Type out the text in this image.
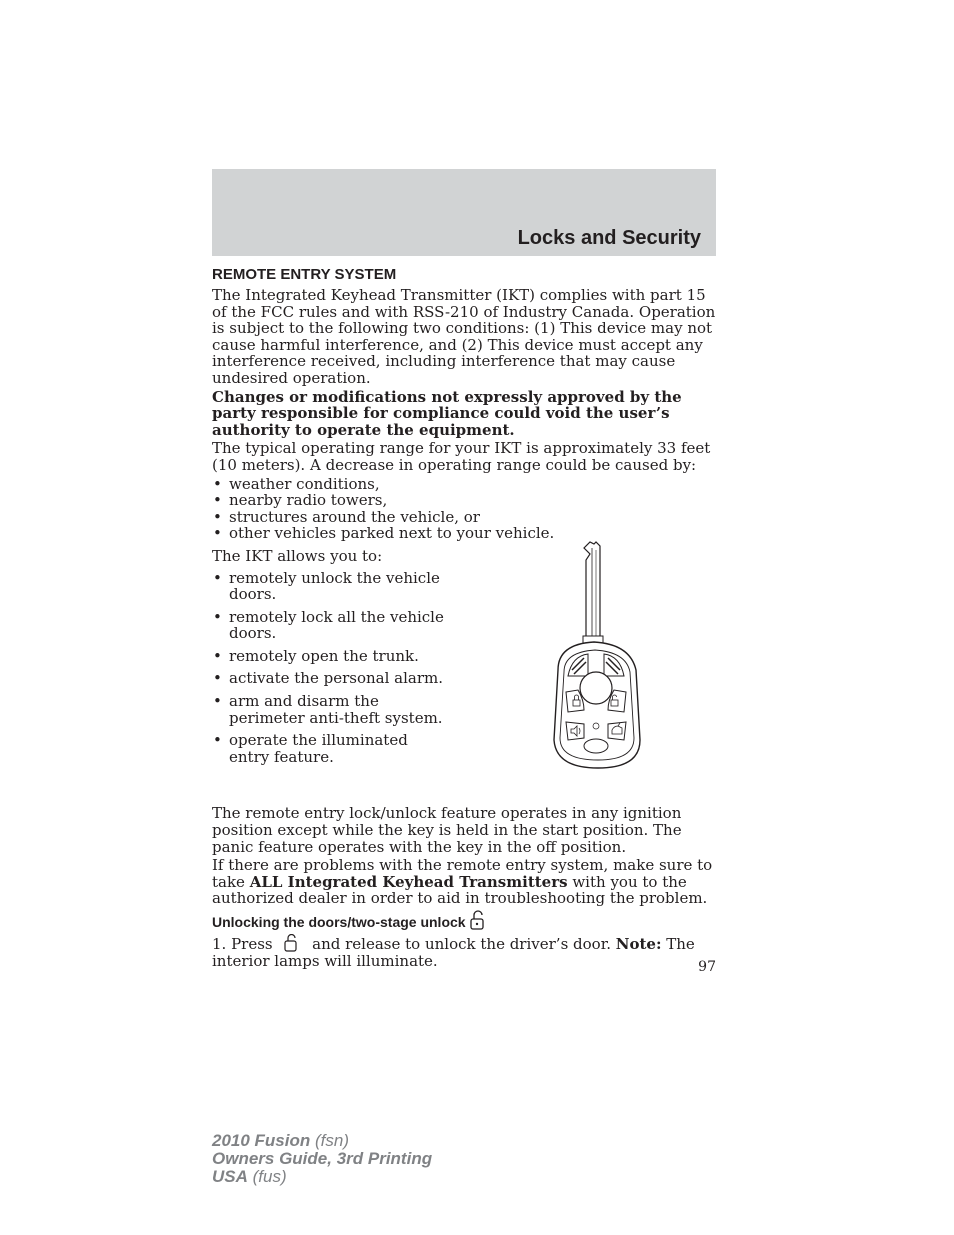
Locks and Security
REMOTE ENTRY SYSTEM

The Integrated Keyhead Transmitter (IKT) complies with part 15 of the FCC rules and with RSS-210 of Industry Canada. Operation is subject to the following two conditions: (1) This device may not cause harmful interference, and (2) This device must accept any interference received, including interference that may cause undesired operation.

Changes or modifications not expressly approved by the party responsible for compliance could void the user’s authority to operate the equipment.

The typical operating range for your IKT is approximately 33 feet (10 meters). A decrease in operating range could be caused by:

• weather conditions,
• nearby radio towers,
• structures around the vehicle, or
• other vehicles parked next to your vehicle.

The IKT allows you to:

• remotely unlock the vehicle doors.
• remotely lock all the vehicle doors.
• remotely open the trunk.
• activate the personal alarm.
• arm and disarm the perimeter anti-theft system.
• operate the illuminated entry feature.

The remote entry lock/unlock feature operates in any ignition position except while the key is held in the start position. The panic feature operates with the key in the off position.

If there are problems with the remote entry system, make sure to take ALL Integrated Keyhead Transmitters with you to the authorized dealer in order to aid in troubleshooting the problem.

Unlocking the doors/two-stage unlock

1. Press  and release to unlock the driver’s door. Note: The interior lamps will illuminate.	97
2010 Fusion (fsn)
Owners Guide, 3rd Printing
USA (fus)
